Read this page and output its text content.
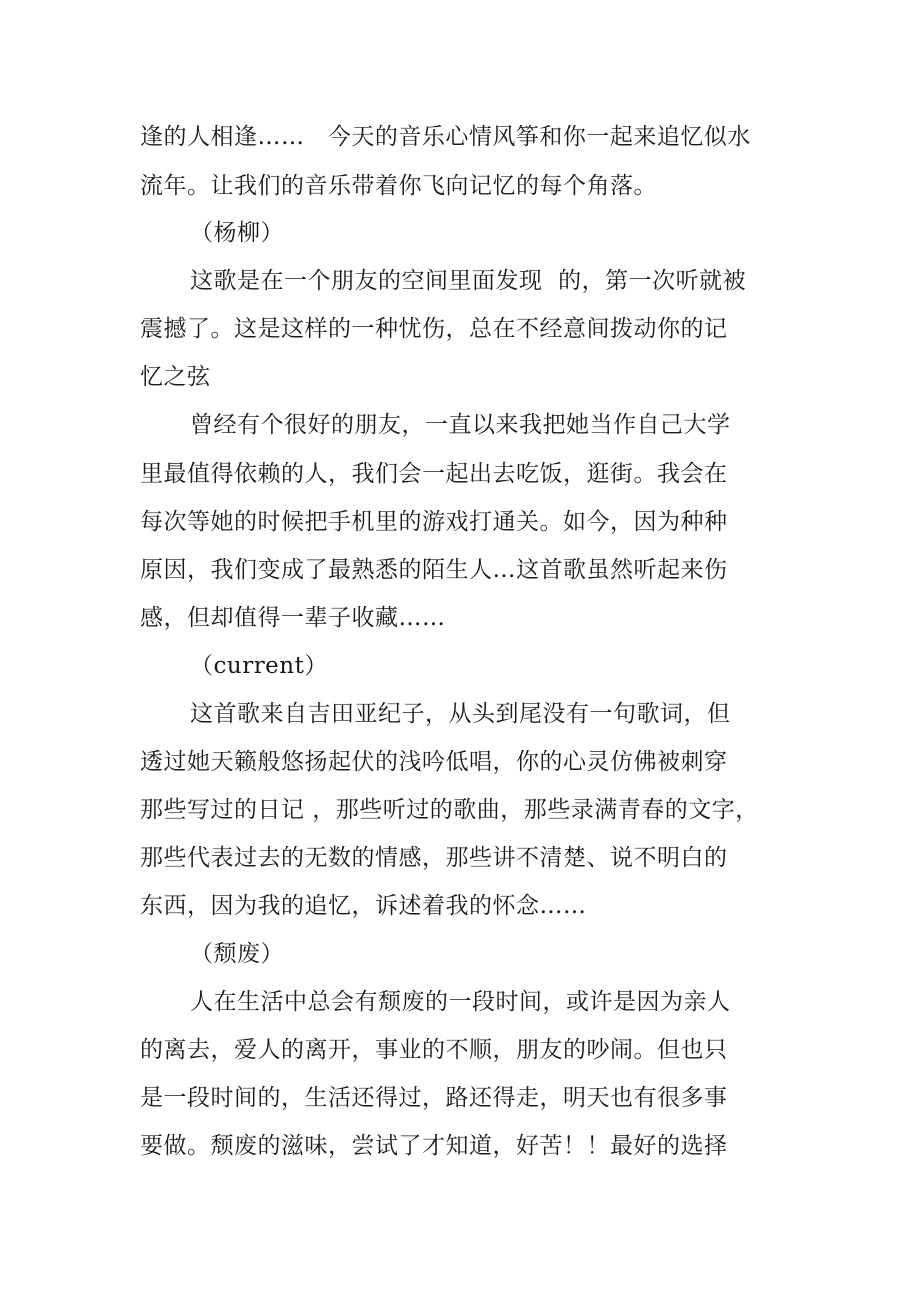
逢的人相逢……   今天的音乐心情风筝和你一起来追忆似水
流年。让我们的音乐带着你飞向记忆的每个角落。
（杨柳）
这歌是在一个朋友的空间里面发现  的，第一次听就被
震撼了。这是这样的一种忧伤，总在不经意间拨动你的记
忆之弦
曾经有个很好的朋友，一直以来我把她当作自己大学
里最值得依赖的人，我们会一起出去吃饭，逛街。我会在
每次等她的时候把手机里的游戏打通关。如今，因为种种
原因，我们变成了最熟悉的陌生人…这首歌虽然听起来伤
感，但却值得一辈子收藏……
（current）
这首歌来自吉田亚纪子，从头到尾没有一句歌词，但
透过她天籁般悠扬起伏的浅吟低唱，你的心灵仿佛被刺穿
那些写过的日记 ，那些听过的歌曲，那些录满青春的文字，
那些代表过去的无数的情感，那些讲不清楚、说不明白的
东西，因为我的追忆，诉述着我的怀念……
（颓废）
人在生活中总会有颓废的一段时间，或许是因为亲人
的离去，爱人的离开，事业的不顺，朋友的吵闹。但也只
是一段时间的，生活还得过，路还得走，明天也有很多事
要做。颓废的滋味，尝试了才知道，好苦！！最好的选择
